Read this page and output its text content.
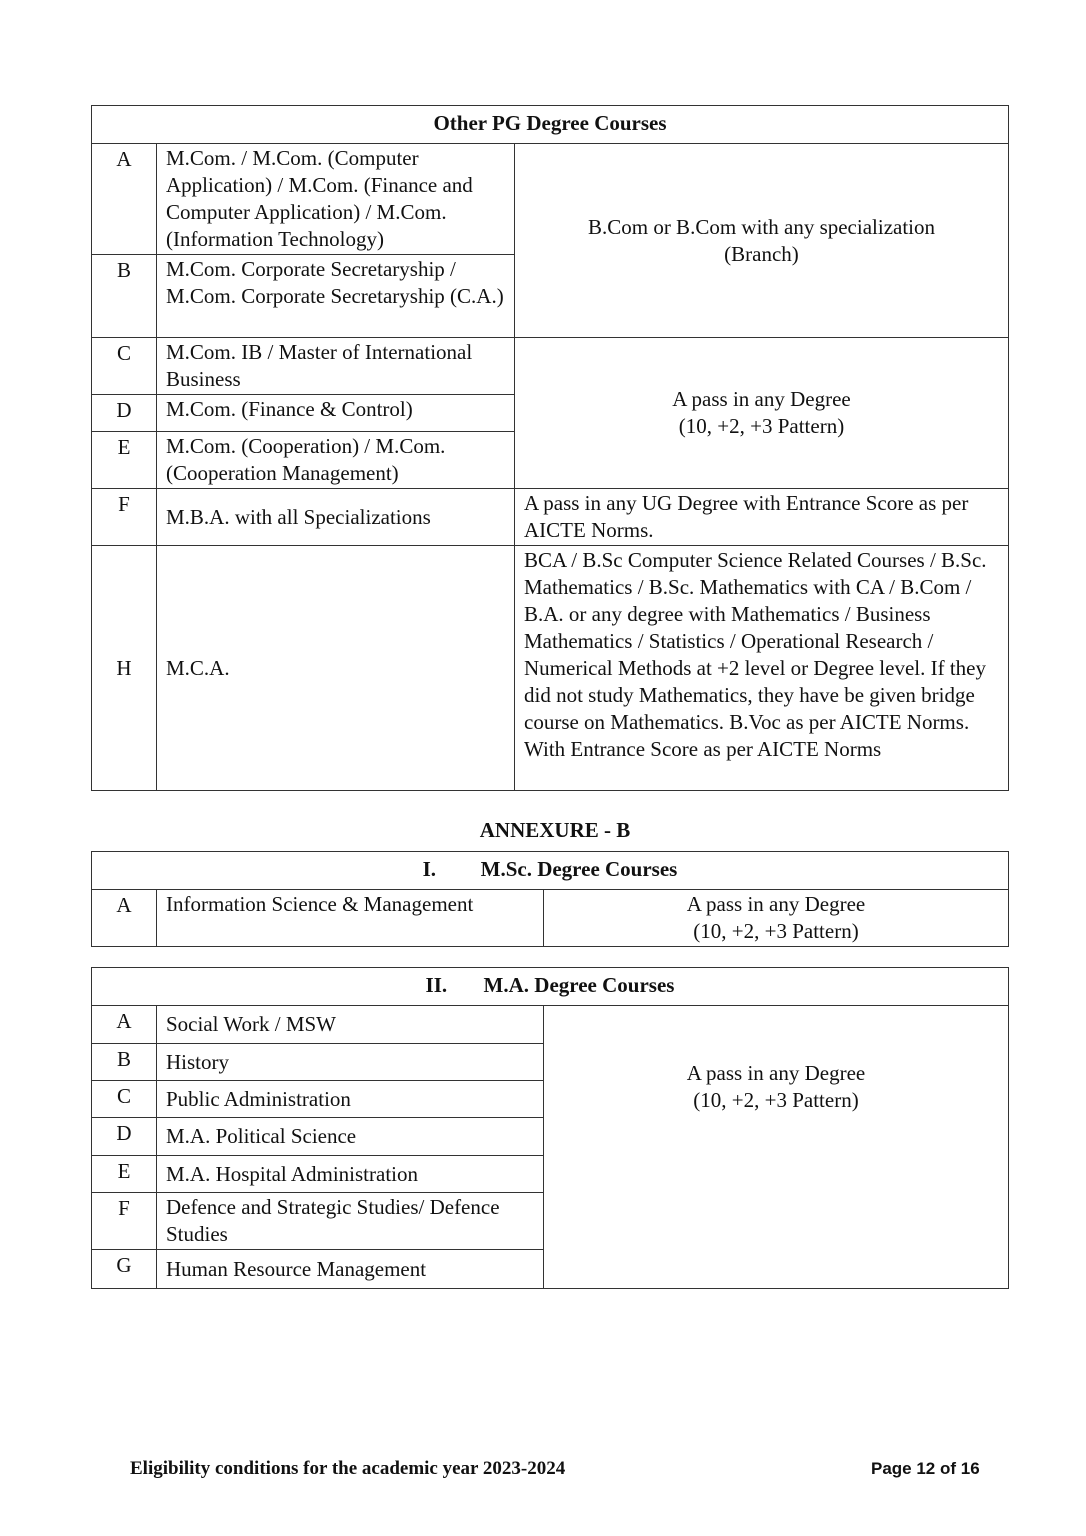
Other PG Degree Courses		
A	M.Com. / M.Com. (Computer Application) / M.Com. (Finance and Computer Application) / M.Com. (Information Technology)	B.Com or B.Com with any specialization
(Branch)

B	M.Com. Corporate Secretaryship / M.Com. Corporate Secretaryship (C.A.)	
C	M.Com. IB / Master of International Business	A pass in any Degree
(10, +2, +3 Pattern)

D	M.Com. (Finance & Control)	
E	M.Com. (Cooperation) / M.Com. (Cooperation Management)	
F	M.B.A. with all Specializations	A pass in any UG Degree with Entrance Score as per AICTE Norms.
H	M.C.A.	BCA / B.Sc Computer Science Related Courses / B.Sc. Mathematics / B.Sc. Mathematics with CA / B.Com / B.A. or any degree with Mathematics / Business Mathematics / Statistics / Operational Research / Numerical Methods at +2 level or Degree level. If they did not study Mathematics, they have be given bridge course on Mathematics. B.Voc as per AICTE Norms. With Entrance Score as per AICTE Norms
ANNEXURE - B
I. M.Sc. Degree Courses
A	Information Science & Management	A pass in any Degree
(10, +2, +3 Pattern)
II. M.A. Degree Courses		
A	Social Work / MSW	A pass in any Degree
(10, +2, +3 Pattern)

B	History	
C	Public Administration	
D	M.A. Political Science	
E	M.A. Hospital Administration	
F	Defence and Strategic Studies/ Defence Studies	
G	Human Resource Management	
Eligibility conditions for the academic year 2023-2024	Page 12 of 16
